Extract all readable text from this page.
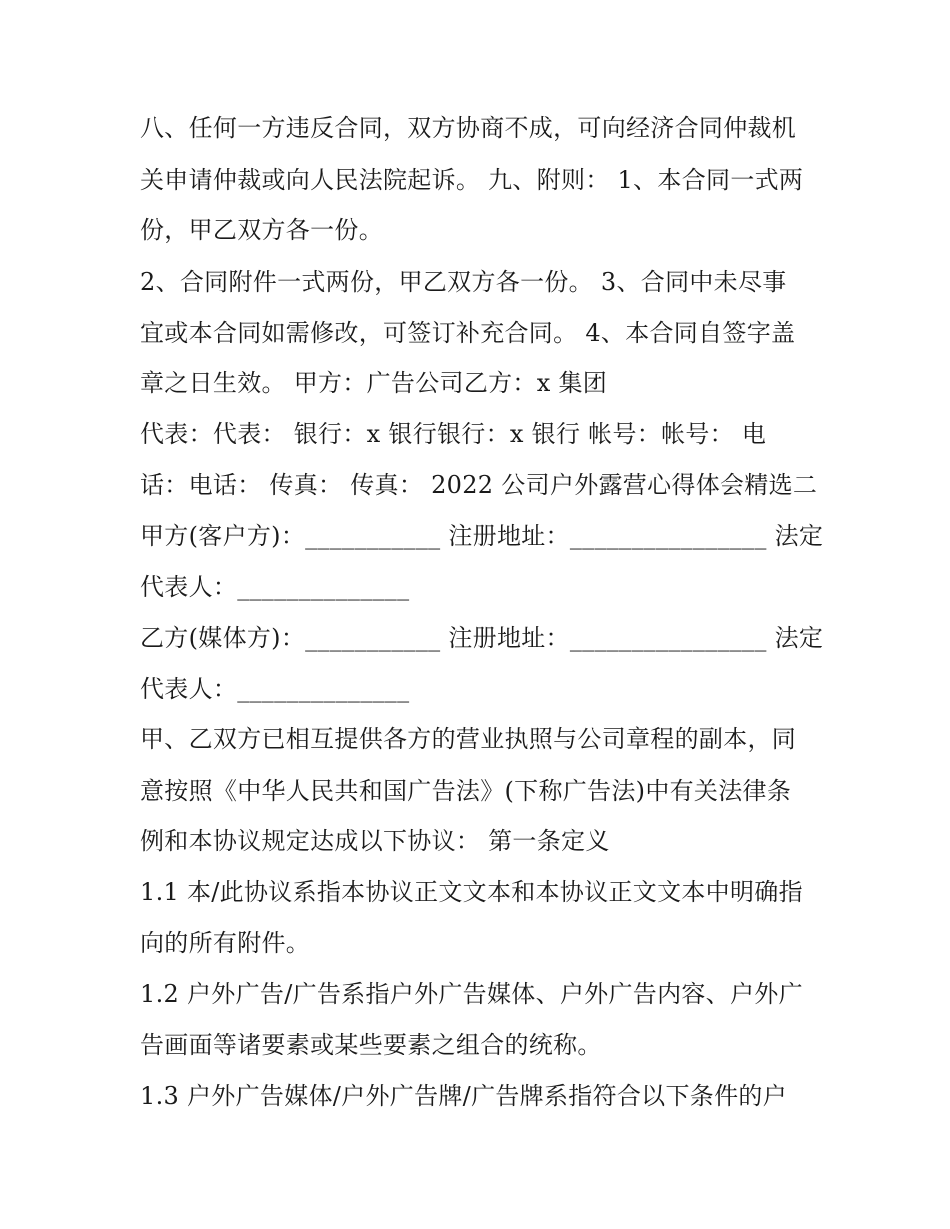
八、任何一方违反合同，双方协商不成，可向经济合同仲裁机
关申请仲裁或向人民法院起诉。 九、附则： 1、本合同一式两
份，甲乙双方各一份。
2、合同附件一式两份，甲乙双方各一份。 3、合同中未尽事
宜或本合同如需修改，可签订补充合同。 4、本合同自签字盖
章之日生效。 甲方：广告公司乙方：x 集团
代表：代表： 银行：x 银行银行：x 银行 帐号：帐号： 电
话：电话： 传真： 传真： 2022 公司户外露营心得体会精选二
甲方(客户方)：___________ 注册地址：________________ 法定
代表人：______________
乙方(媒体方)：___________ 注册地址：________________ 法定
代表人：______________
甲、乙双方已相互提供各方的营业执照与公司章程的副本，同
意按照《中华人民共和国广告法》(下称广告法)中有关法律条
例和本协议规定达成以下协议： 第一条定义
1.1 本/此协议系指本协议正文文本和本协议正文文本中明确指
向的所有附件。
1.2 户外广告/广告系指户外广告媒体、户外广告内容、户外广
告画面等诸要素或某些要素之组合的统称。
1.3 户外广告媒体/户外广告牌/广告牌系指符合以下条件的户
